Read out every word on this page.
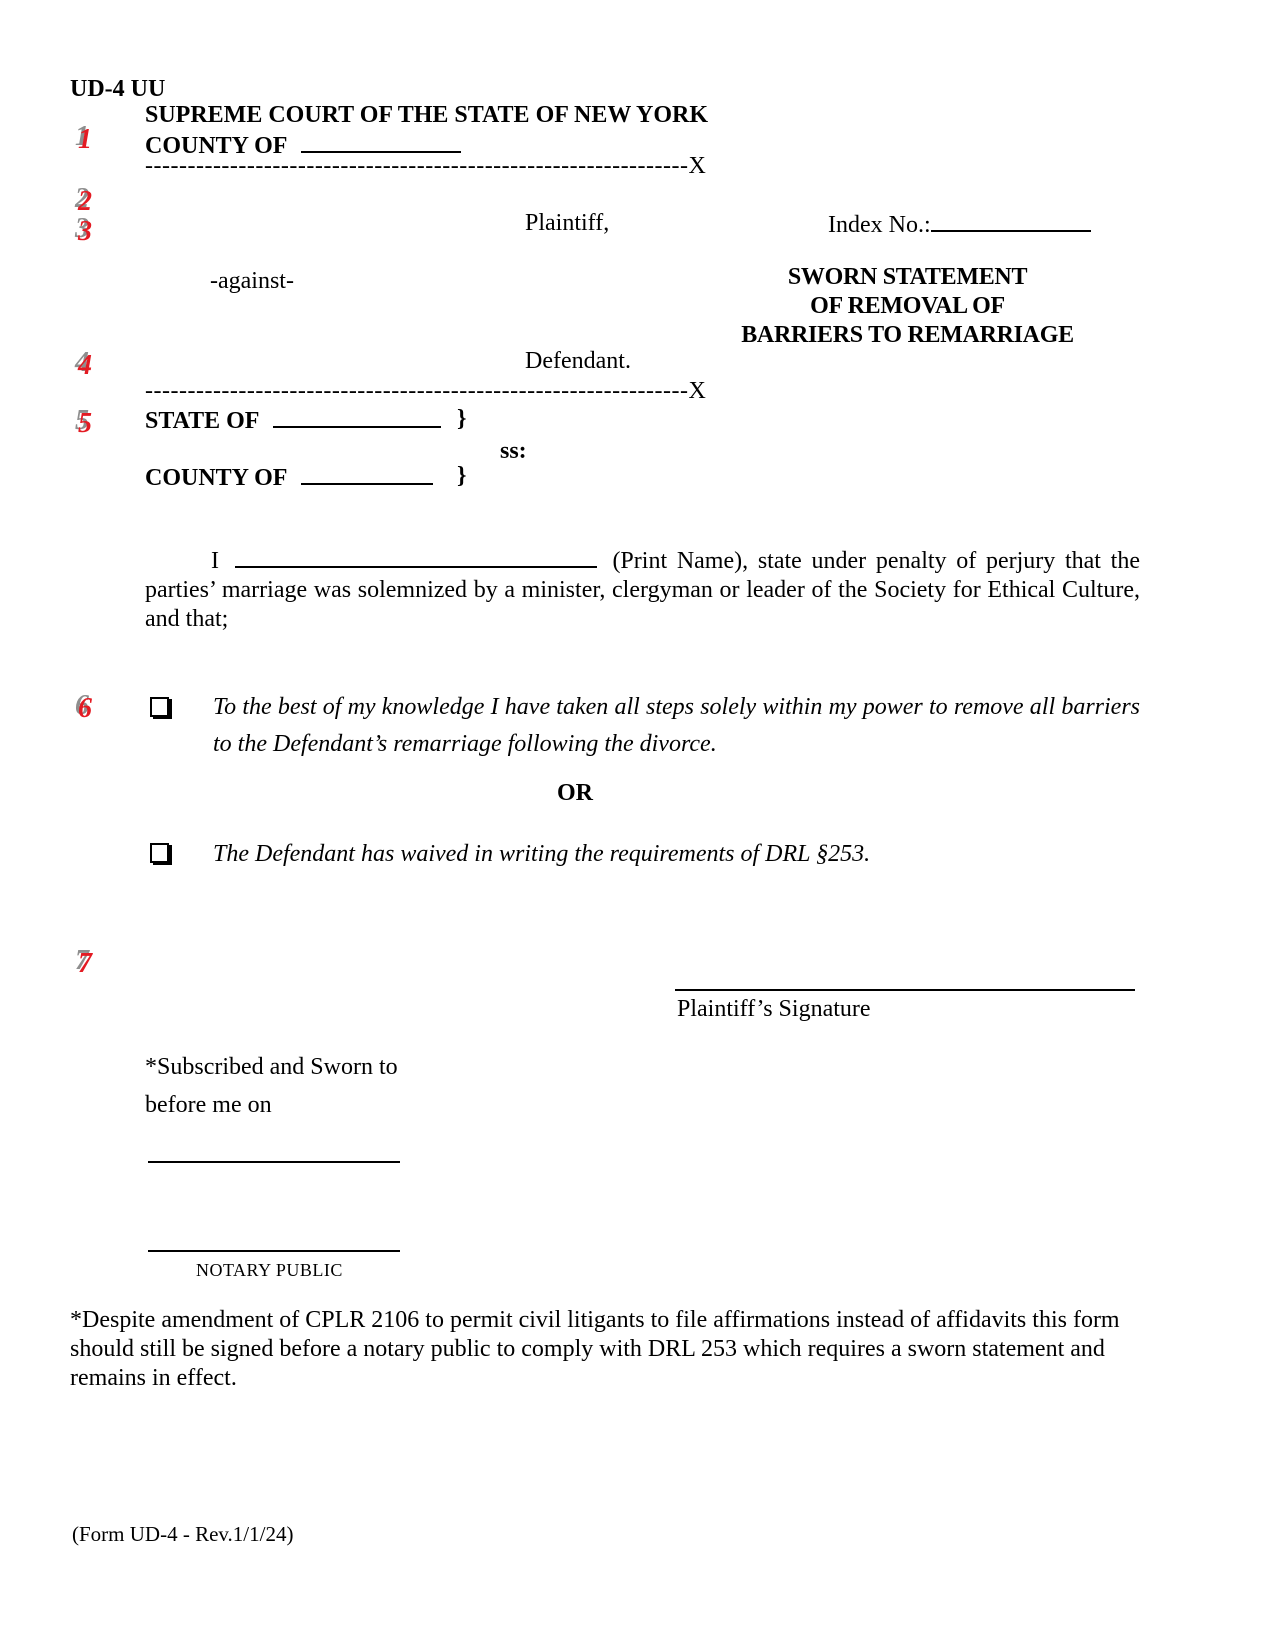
1
2
3
4
5
6
7
UD-4 UU
SUPREME COURT OF THE STATE OF NEW YORK
COUNTY OF
----------------------------------------------------------------X
Plaintiff,	Index No.:
-against-	SWORN STATEMENT
OF REMOVAL OF
BARRIERS TO REMARRIAGE
Defendant.
----------------------------------------------------------------X
STATE OF	}
ss:
COUNTY OF	}
I	(Print Name), state under penalty of perjury that the parties’ marriage was solemnized by a minister, clergyman or leader of the Society for Ethical Culture, and that;
To the best of my knowledge I have taken all steps solely within my power to remove all barriers to the Defendant’s remarriage following the divorce.
OR
The Defendant has waived in writing the requirements of DRL §253.
Plaintiff’s Signature
*Subscribed and Sworn to
before me on
NOTARY PUBLIC
*Despite amendment of CPLR 2106 to permit civil litigants to file affirmations instead of affidavits this form should still be signed before a notary public to comply with DRL 253 which requires a sworn statement and remains in effect.
(Form UD-4 - Rev.1/1/24)
